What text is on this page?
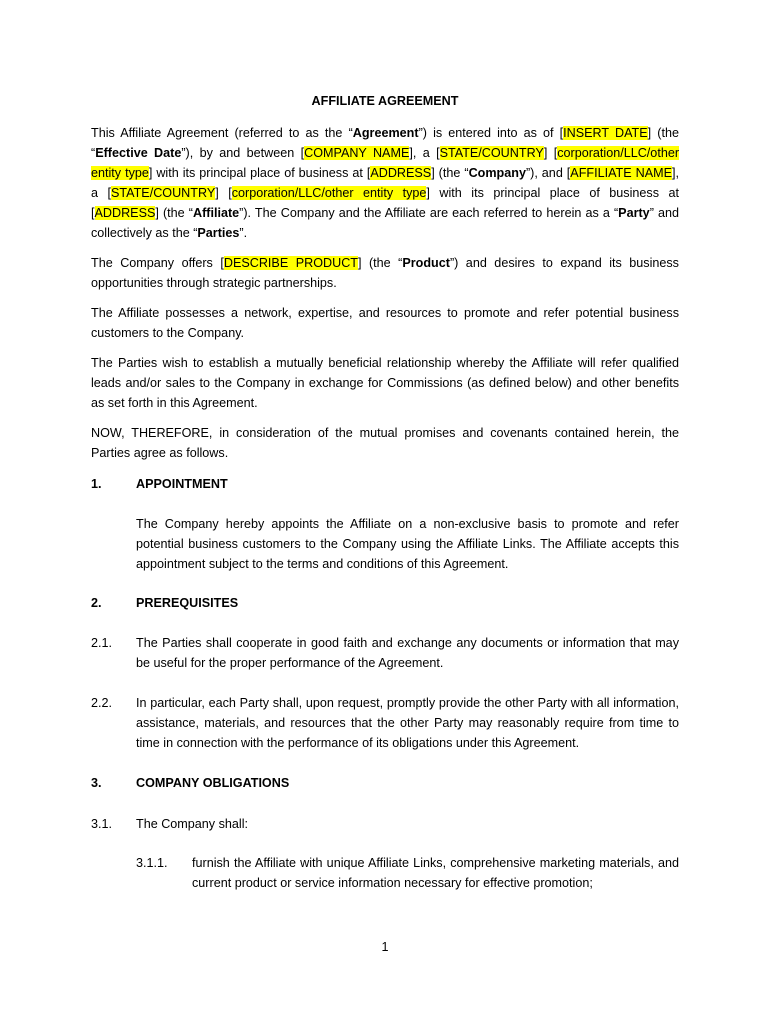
AFFILIATE AGREEMENT

This Affiliate Agreement (referred to as the “Agreement”) is entered into as of [INSERT DATE] (the “Effective Date”), by and between [COMPANY NAME], a [STATE/COUNTRY] [corporation/LLC/other entity type] with its principal place of business at [ADDRESS] (the “Company”), and [AFFILIATE NAME], a [STATE/COUNTRY] [corporation/LLC/other entity type] with its principal place of business at [ADDRESS] (the “Affiliate”). The Company and the Affiliate are each referred to herein as a “Party” and collectively as the “Parties”.

The Company offers [DESCRIBE PRODUCT] (the “Product”) and desires to expand its business opportunities through strategic partnerships.

The Affiliate possesses a network, expertise, and resources to promote and refer potential business customers to the Company.

The Parties wish to establish a mutually beneficial relationship whereby the Affiliate will refer qualified leads and/or sales to the Company in exchange for Commissions (as defined below) and other benefits as set forth in this Agreement.

NOW, THEREFORE, in consideration of the mutual promises and covenants contained herein, the Parties agree as follows.

1.	APPOINTMENT

The Company hereby appoints the Affiliate on a non-exclusive basis to promote and refer potential business customers to the Company using the Affiliate Links. The Affiliate accepts this appointment subject to the terms and conditions of this Agreement.

2.	PREREQUISITES
2.1. The Parties shall cooperate in good faith and exchange any documents or information that may be useful for the proper performance of the Agreement.

2.2. In particular, each Party shall, upon request, promptly provide the other Party with all information, assistance, materials, and resources that the other Party may reasonably require from time to time in connection with the performance of its obligations under this Agreement.

3.	COMPANY OBLIGATIONS
3.1. The Company shall:

3.1.1. furnish the Affiliate with unique Affiliate Links, comprehensive marketing materials, and current product or service information necessary for effective promotion;

1
